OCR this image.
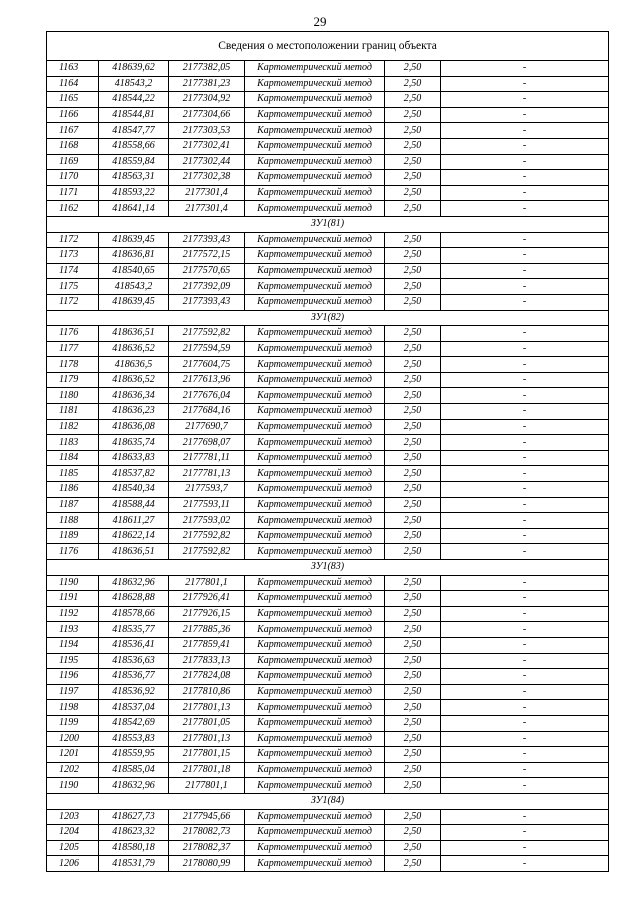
29
Сведения о местоположении границ объекта					
1163	418639,62	2177382,05	Картометрический метод	2,50	-
1164	418543,2	2177381,23	Картометрический метод	2,50	-
1165	418544,22	2177304,92	Картометрический метод	2,50	-
1166	418544,81	2177304,66	Картометрический метод	2,50	-
1167	418547,77	2177303,53	Картометрический метод	2,50	-
1168	418558,66	2177302,41	Картометрический метод	2,50	-
1169	418559,84	2177302,44	Картометрический метод	2,50	-
1170	418563,31	2177302,38	Картометрический метод	2,50	-
1171	418593,22	2177301,4	Картометрический метод	2,50	-
1162	418641,14	2177301,4	Картометрический метод	2,50	-
ЗУ1(81)					
1172	418639,45	2177393,43	Картометрический метод	2,50	-
1173	418636,81	2177572,15	Картометрический метод	2,50	-
1174	418540,65	2177570,65	Картометрический метод	2,50	-
1175	418543,2	2177392,09	Картометрический метод	2,50	-
1172	418639,45	2177393,43	Картометрический метод	2,50	-
ЗУ1(82)					
1176	418636,51	2177592,82	Картометрический метод	2,50	-
1177	418636,52	2177594,59	Картометрический метод	2,50	-
1178	418636,5	2177604,75	Картометрический метод	2,50	-
1179	418636,52	2177613,96	Картометрический метод	2,50	-
1180	418636,34	2177676,04	Картометрический метод	2,50	-
1181	418636,23	2177684,16	Картометрический метод	2,50	-
1182	418636,08	2177690,7	Картометрический метод	2,50	-
1183	418635,74	2177698,07	Картометрический метод	2,50	-
1184	418633,83	2177781,11	Картометрический метод	2,50	-
1185	418537,82	2177781,13	Картометрический метод	2,50	-
1186	418540,34	2177593,7	Картометрический метод	2,50	-
1187	418588,44	2177593,11	Картометрический метод	2,50	-
1188	418611,27	2177593,02	Картометрический метод	2,50	-
1189	418622,14	2177592,82	Картометрический метод	2,50	-
1176	418636,51	2177592,82	Картометрический метод	2,50	-
ЗУ1(83)					
1190	418632,96	2177801,1	Картометрический метод	2,50	-
1191	418628,88	2177926,41	Картометрический метод	2,50	-
1192	418578,66	2177926,15	Картометрический метод	2,50	-
1193	418535,77	2177885,36	Картометрический метод	2,50	-
1194	418536,41	2177859,41	Картометрический метод	2,50	-
1195	418536,63	2177833,13	Картометрический метод	2,50	-
1196	418536,77	2177824,08	Картометрический метод	2,50	-
1197	418536,92	2177810,86	Картометрический метод	2,50	-
1198	418537,04	2177801,13	Картометрический метод	2,50	-
1199	418542,69	2177801,05	Картометрический метод	2,50	-
1200	418553,83	2177801,13	Картометрический метод	2,50	-
1201	418559,95	2177801,15	Картометрический метод	2,50	-
1202	418585,04	2177801,18	Картометрический метод	2,50	-
1190	418632,96	2177801,1	Картометрический метод	2,50	-
ЗУ1(84)					
1203	418627,73	2177945,66	Картометрический метод	2,50	-
1204	418623,32	2178082,73	Картометрический метод	2,50	-
1205	418580,18	2178082,37	Картометрический метод	2,50	-
1206	418531,79	2178080,99	Картометрический метод	2,50	-
